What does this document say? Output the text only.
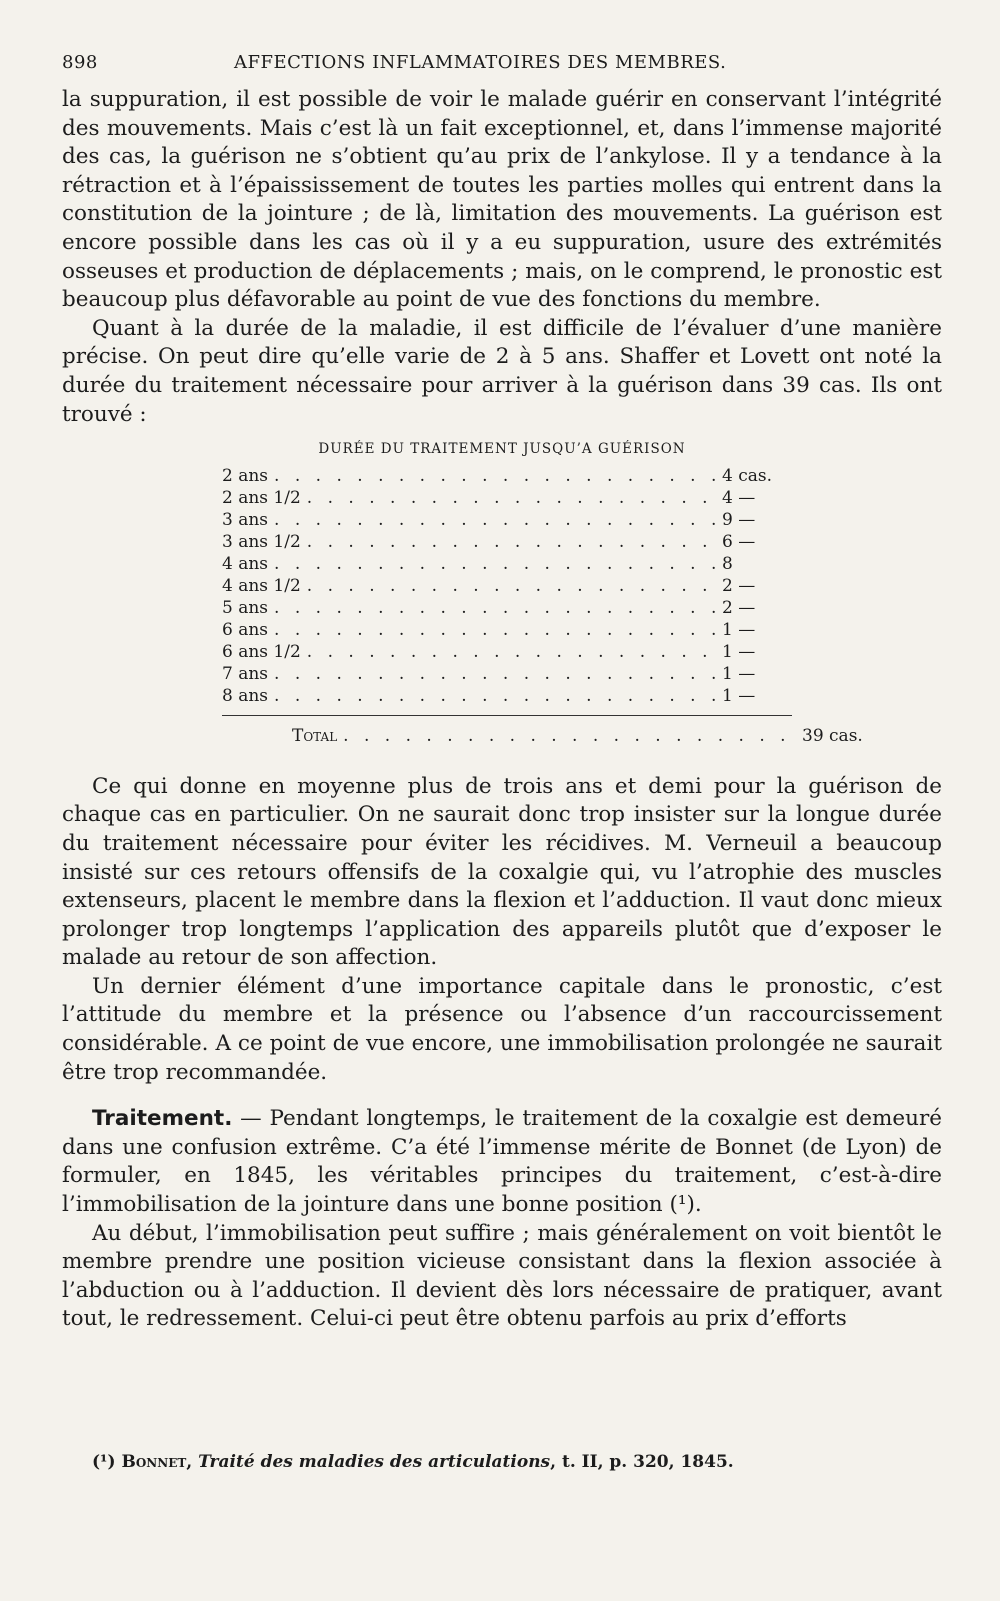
898	AFFECTIONS INFLAMMATOIRES DES MEMBRES.

la suppuration, il est possible de voir le malade guérir en conservant l’intégrité des mouvements. Mais c’est là un fait exceptionnel, et, dans l’immense majorité des cas, la guérison ne s’obtient qu’au prix de l’ankylose. Il y a tendance à la rétraction et à l’épaississement de toutes les parties molles qui entrent dans la constitution de la jointure ; de là, limitation des mouvements. La guérison est encore possible dans les cas où il y a eu suppuration, usure des extrémités osseuses et production de déplacements ; mais, on le comprend, le pronostic est beaucoup plus défavorable au point de vue des fonctions du membre.

Quant à la durée de la maladie, il est difficile de l’évaluer d’une manière précise. On peut dire qu’elle varie de 2 à 5 ans. Shaffer et Lovett ont noté la durée du traitement nécessaire pour arriver à la guérison dans 39 cas. Ils ont trouvé :

DURÉE DU TRAITEMENT JUSQU’A GUÉRISON
2 ans . . .	4 cas.
2 ans 1/2 . . .	4 —
3 ans . . .	9 —
3 ans 1/2 . . .	6 —
4 ans . . .	8
4 ans 1/2 . . .	2 —
5 ans . . .	2 —
6 ans . . .	1 —
6 ans 1/2 . . .	1 —
7 ans . . .	1 —
8 ans . . .	1 —
Total . . .	39 cas.

Ce qui donne en moyenne plus de trois ans et demi pour la guérison de chaque cas en particulier. On ne saurait donc trop insister sur la longue durée du traitement nécessaire pour éviter les récidives. M. Verneuil a beaucoup insisté sur ces retours offensifs de la coxalgie qui, vu l’atrophie des muscles extenseurs, placent le membre dans la flexion et l’adduction. Il vaut donc mieux prolonger trop longtemps l’application des appareils plutôt que d’exposer le malade au retour de son affection.

Un dernier élément d’une importance capitale dans le pronostic, c’est l’attitude du membre et la présence ou l’absence d’un raccourcissement considérable. A ce point de vue encore, une immobilisation prolongée ne saurait être trop recommandée.

Traitement. — Pendant longtemps, le traitement de la coxalgie est demeuré dans une confusion extrême. C’a été l’immense mérite de Bonnet (de Lyon) de formuler, en 1845, les véritables principes du traitement, c’est-à-dire l’immobilisation de la jointure dans une bonne position (¹).

Au début, l’immobilisation peut suffire ; mais généralement on voit bientôt le membre prendre une position vicieuse consistant dans la flexion associée à l’abduction ou à l’adduction. Il devient dès lors nécessaire de pratiquer, avant tout, le redressement. Celui-ci peut être obtenu parfois au prix d’efforts

(¹) Bonnet, Traité des maladies des articulations, t. II, p. 320, 1845.
